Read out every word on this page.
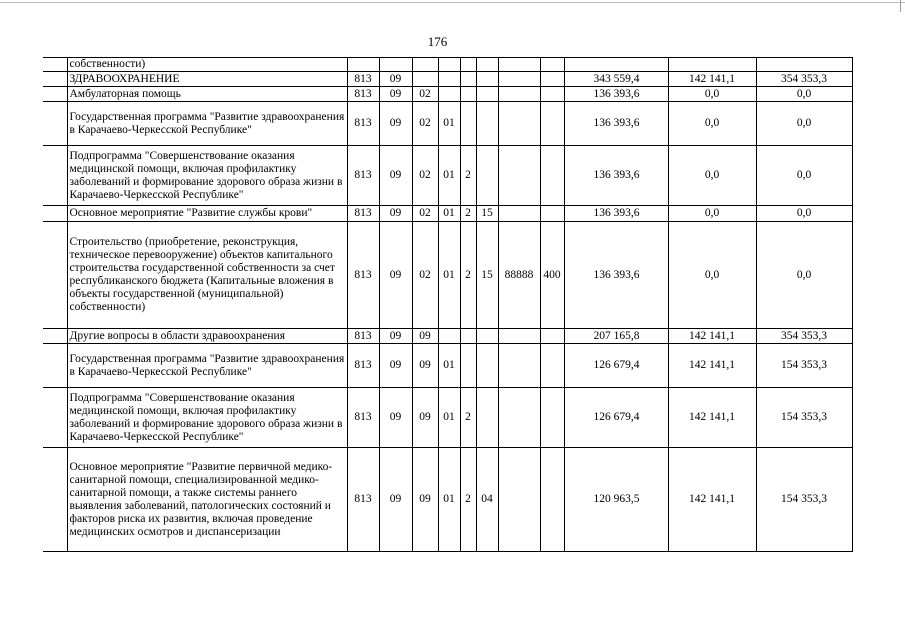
176
	собственности)											
	ЗДРАВООХРАНЕНИЕ	813	09							343 559,4	142 141,1	354 353,3
	Амбулаторная помощь	813	09	02						136 393,6	0,0	0,0
	Государственная программа "Развитие здравоохранения в Карачаево-Черкесской Республике"	813	09	02	01					136 393,6	0,0	0,0
	Подпрограмма "Совершенствование оказания медицинской помощи, включая профилактику заболеваний и формирование здорового образа жизни в Карачаево-Черкесской Республике"	813	09	02	01	2				136 393,6	0,0	0,0
	Основное мероприятие "Развитие службы крови"	813	09	02	01	2	15			136 393,6	0,0	0,0
	Строительство (приобретение, реконструкция, техническое перевооружение) объектов капитального строительства государственной собственности за счет республиканского бюджета (Капитальные вложения в объекты государственной (муниципальной) собственности)	813	09	02	01	2	15	88888	400	136 393,6	0,0	0,0
	Другие вопросы в области здравоохранения	813	09	09						207 165,8	142 141,1	354 353,3
	Государственная программа "Развитие здравоохранения в Карачаево-Черкесской Республике"	813	09	09	01					126 679,4	142 141,1	154 353,3
	Подпрограмма "Совершенствование оказания медицинской помощи, включая профилактику заболеваний и формирование здорового образа жизни в Карачаево-Черкесской Республике"	813	09	09	01	2				126 679,4	142 141,1	154 353,3
	Основное мероприятие "Развитие первичной медико-санитарной помощи, специализированной медико-санитарной помощи, а также системы раннего выявления заболеваний, патологических состояний и факторов риска их развития, включая проведение медицинских осмотров и диспансеризации	813	09	09	01	2	04			120 963,5	142 141,1	154 353,3
